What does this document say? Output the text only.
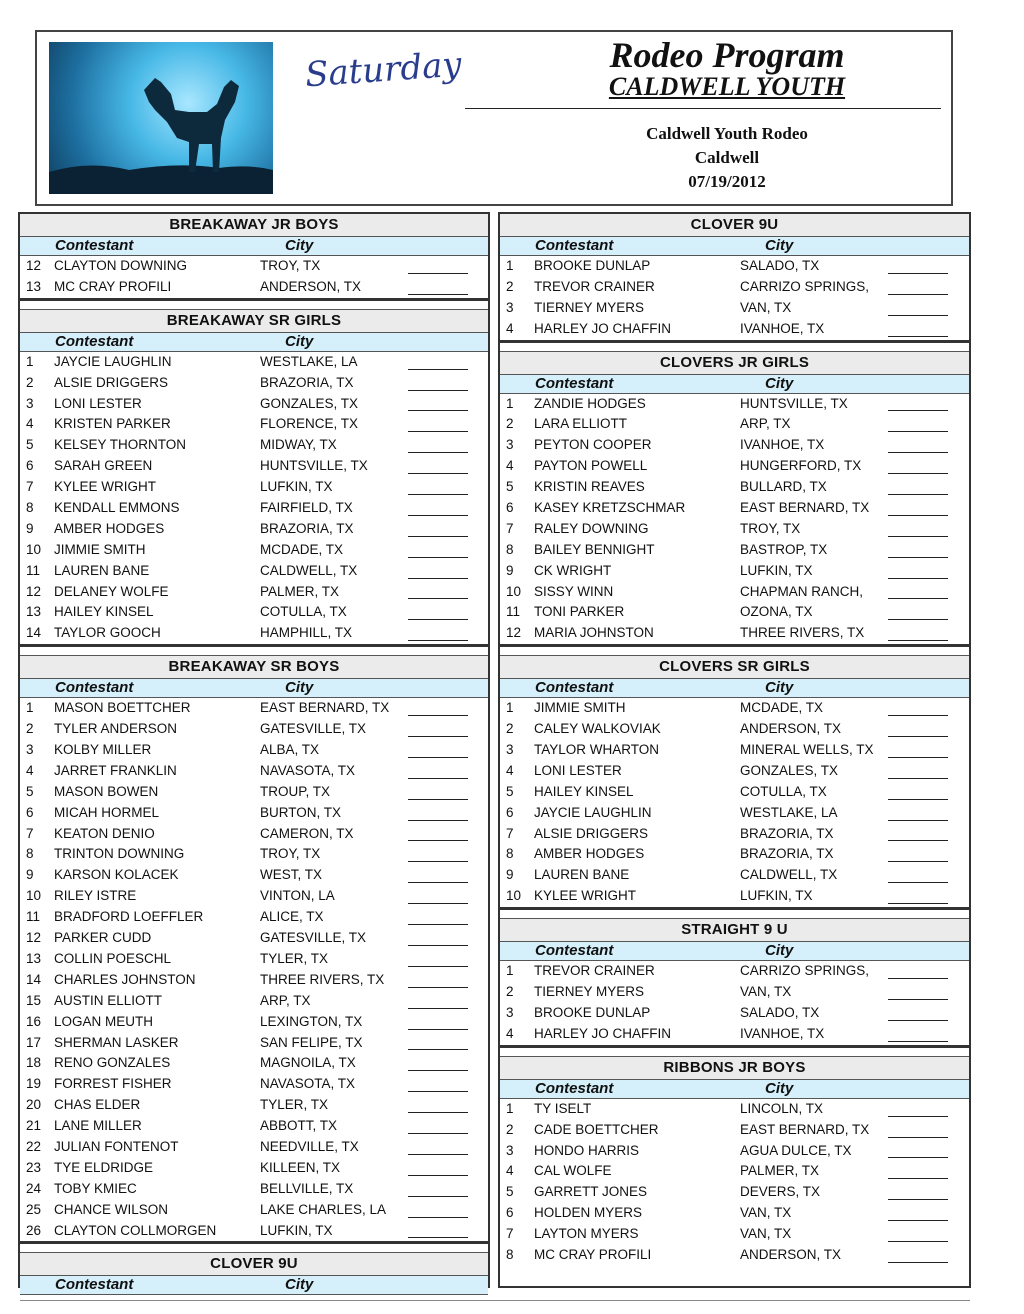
Saturday	Rodeo Program
CALDWELL YOUTH
Caldwell Youth Rodeo
Caldwell
07/19/2012
BREAKAWAY JR BOYS
Contestant	City
12 CLAYTON DOWNING	TROY, TX
13 MC CRAY PROFILI	ANDERSON, TX
BREAKAWAY SR GIRLS
Contestant	City
1 JAYCIE LAUGHLIN	WESTLAKE, LA
2 ALSIE DRIGGERS	BRAZORIA, TX
3 LONI LESTER	GONZALES, TX
4 KRISTEN PARKER	FLORENCE, TX
5 KELSEY THORNTON	MIDWAY, TX
6 SARAH GREEN	HUNTSVILLE, TX
7 KYLEE WRIGHT	LUFKIN, TX
8 KENDALL EMMONS	FAIRFIELD, TX
9 AMBER HODGES	BRAZORIA, TX
10 JIMMIE SMITH	MCDADE, TX
11 LAUREN BANE	CALDWELL, TX
12 DELANEY WOLFE	PALMER, TX
13 HAILEY KINSEL	COTULLA, TX
14 TAYLOR GOOCH	HAMPHILL, TX
BREAKAWAY SR BOYS
Contestant	City
1 MASON BOETTCHER	EAST BERNARD, TX
2 TYLER ANDERSON	GATESVILLE, TX
3 KOLBY MILLER	ALBA, TX
4 JARRET FRANKLIN	NAVASOTA, TX
5 MASON BOWEN	TROUP, TX
6 MICAH HORMEL	BURTON, TX
7 KEATON DENIO	CAMERON, TX
8 TRINTON DOWNING	TROY, TX
9 KARSON KOLACEK	WEST, TX
10 RILEY ISTRE	VINTON, LA
11 BRADFORD LOEFFLER	ALICE, TX
12 PARKER CUDD	GATESVILLE, TX
13 COLLIN POESCHL	TYLER, TX
14 CHARLES JOHNSTON	THREE RIVERS, TX
15 AUSTIN ELLIOTT	ARP, TX
16 LOGAN MEUTH	LEXINGTON, TX
17 SHERMAN LASKER	SAN FELIPE, TX
18 RENO GONZALES	MAGNOILA, TX
19 FORREST FISHER	NAVASOTA, TX
20 CHAS ELDER	TYLER, TX
21 LANE MILLER	ABBOTT, TX
22 JULIAN FONTENOT	NEEDVILLE, TX
23 TYE ELDRIDGE	KILLEEN, TX
24 TOBY KMIEC	BELLVILLE, TX
25 CHANCE WILSON	LAKE CHARLES, LA
26 CLAYTON COLLMORGEN	LUFKIN, TX
CLOVER 9U
Contestant	City
CLOVER 9U
Contestant	City
1 BROOKE DUNLAP	SALADO, TX
2 TREVOR CRAINER	CARRIZO SPRINGS,
3 TIERNEY MYERS	VAN, TX
4 HARLEY JO CHAFFIN	IVANHOE, TX
CLOVERS JR GIRLS
Contestant	City
1 ZANDIE HODGES	HUNTSVILLE, TX
2 LARA ELLIOTT	ARP, TX
3 PEYTON COOPER	IVANHOE, TX
4 PAYTON POWELL	HUNGERFORD, TX
5 KRISTIN REAVES	BULLARD, TX
6 KASEY KRETZSCHMAR	EAST BERNARD, TX
7 RALEY DOWNING	TROY, TX
8 BAILEY BENNIGHT	BASTROP, TX
9 CK WRIGHT	LUFKIN, TX
10 SISSY WINN	CHAPMAN RANCH,
11 TONI PARKER	OZONA, TX
12 MARIA JOHNSTON	THREE RIVERS, TX
CLOVERS SR GIRLS
Contestant	City
1 JIMMIE SMITH	MCDADE, TX
2 CALEY WALKOVIAK	ANDERSON, TX
3 TAYLOR WHARTON	MINERAL WELLS, TX
4 LONI LESTER	GONZALES, TX
5 HAILEY KINSEL	COTULLA, TX
6 JAYCIE LAUGHLIN	WESTLAKE, LA
7 ALSIE DRIGGERS	BRAZORIA, TX
8 AMBER HODGES	BRAZORIA, TX
9 LAUREN BANE	CALDWELL, TX
10 KYLEE WRIGHT	LUFKIN, TX
STRAIGHT 9 U
Contestant	City
1 TREVOR CRAINER	CARRIZO SPRINGS,
2 TIERNEY MYERS	VAN, TX
3 BROOKE DUNLAP	SALADO, TX
4 HARLEY JO CHAFFIN	IVANHOE, TX
RIBBONS JR BOYS
Contestant	City
1 TY ISELT	LINCOLN, TX
2 CADE BOETTCHER	EAST BERNARD, TX
3 HONDO HARRIS	AGUA DULCE, TX
4 CAL WOLFE	PALMER, TX
5 GARRETT JONES	DEVERS, TX
6 HOLDEN MYERS	VAN, TX
7 LAYTON MYERS	VAN, TX
8 MC CRAY PROFILI	ANDERSON, TX
